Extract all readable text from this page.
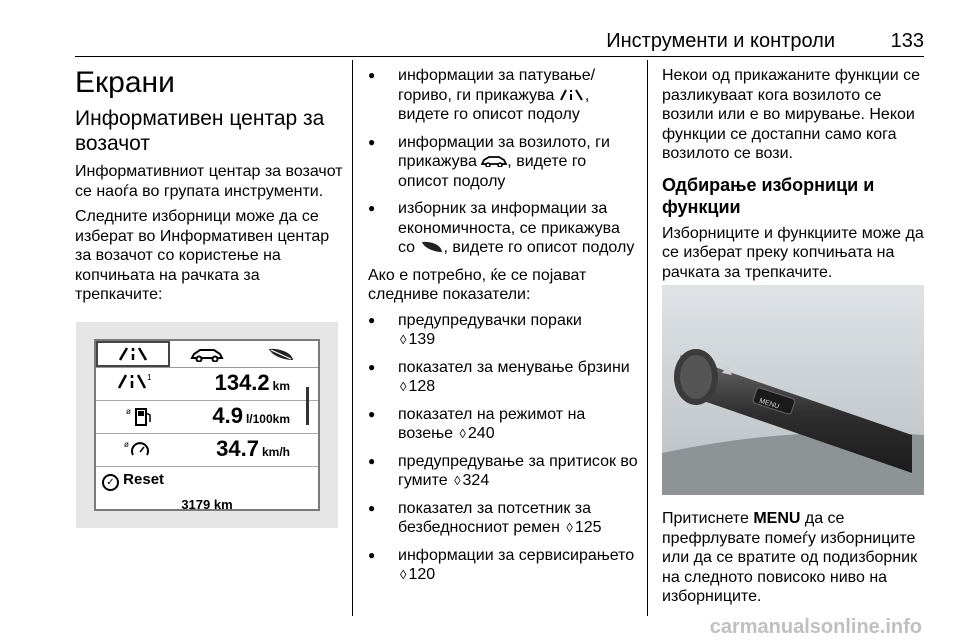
Инструменти и контроли	133
Екрани
Информативен центар за возачот

Информативниот центар за возачот се наоѓа во групата инструменти.

Следните изборници може да се изберат во Информативен центар за возачот со користење на копчињата на рачката за трепкачите:

1	134.2 km
ø	4.9 l/100km
ø	34.7 km/h
✓ Reset
3179 km
● информации за патување/ гориво, ги прикажува , видете го описот подолу
● информации за возилото, ги прикажува , видете го описот подолу
● изборник за информации за економичноста, се прикажува со , видете го описот подолу

Ако е потребно, ќе се појават следниве показатели:

● предупредувачки пораки
◊ 139
● показател за менување брзини
◊ 128
● показател на режимот на возење ◊ 240
● предупредување за притисок во гумите ◊ 324
● показател за потсетник за безбедносниот ремен ◊ 125
● информации за сервисирањето ◊ 120

Некои од прикажаните функции се разликуваат кога возилото се возили или е во мирување. Некои функции се достапни само кога возилото се вози.

Одбирање изборници и функции

Изборниците и функциите може да се изберат преку копчињата на рачката за трепкачите.

MENU

Притиснете MENU да се префрлувате помеѓу изборниците или да се вратите од подизборник на следното повисоко ниво на изборниците.

carmanualsonline.info
